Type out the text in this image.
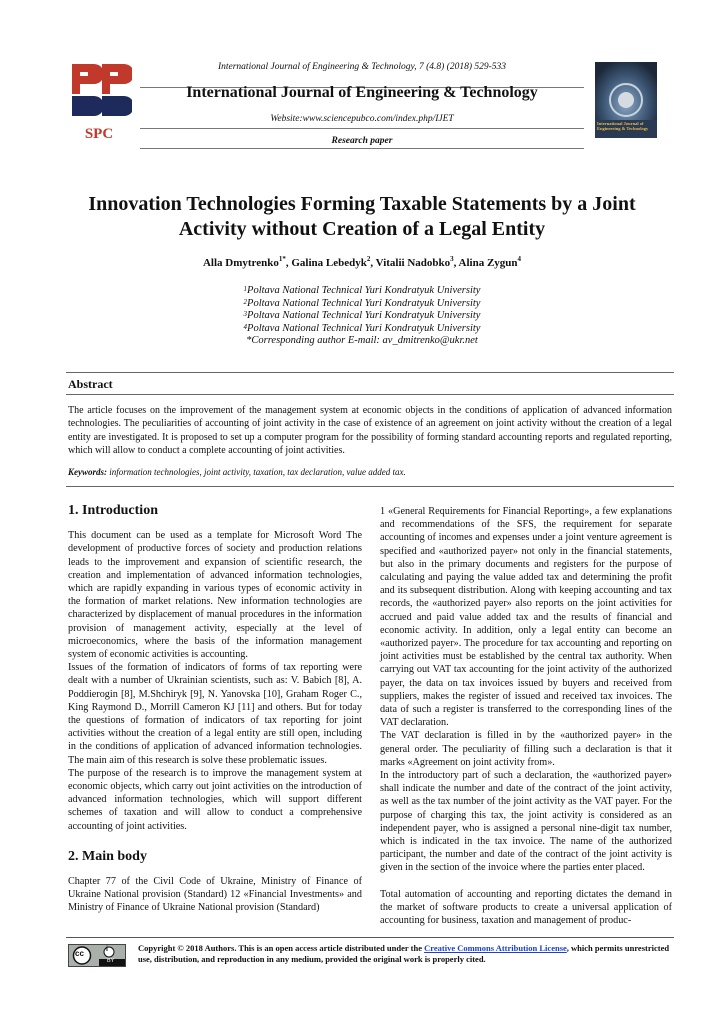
SPC
International Journal of Engineering & Technology, 7 (4.8) (2018) 529-533
International Journal of Engineering & Technology
Website:www.sciencepubco.com/index.php/IJET
Research paper
International Journal of Engineering & Technology
Innovation Technologies Forming Taxable Statements by a Joint
Activity without Creation of a Legal Entity
Alla Dmytrenko$^{1*}$, Galina Lebedyk$^2$, Vitalii Nadobko$^3$, Alina Zygun$^4$
$^1$Poltava National Technical Yuri Kondratyuk University
$^2$Poltava National Technical Yuri Kondratyuk University
$^3$Poltava National Technical Yuri Kondratyuk University
$^4$Poltava National Technical Yuri Kondratyuk University
*Corresponding author E-mail: av_dmitrenko@ukr.net
Abstract
The article focuses on the improvement of the management system at economic objects in the conditions of application of advanced information technologies. The peculiarities of accounting of joint activity in the case of existence of an agreement on joint activity without the creation of a legal entity are investigated. It is proposed to set up a computer program for the possibility of forming standard accounting reports and regulated reporting, which will allow to conduct a complete accounting of joint activities.
Keywords: information technologies, joint activity, taxation, tax declaration, value added tax.
1. Introduction

This document can be used as a template for Microsoft Word The development of productive forces of society and production relations leads to the improvement and expansion of scientific research, the creation and implementation of advanced information technologies, which are rapidly expanding in various types of economic activity in the formation of market relations. New information technologies are characterized by displacement of manual procedures in the information provision of management activity, especially at the level of microeconomics, where the basis of the information management system of economic activities is accounting.

Issues of the formation of indicators of forms of tax reporting were dealt with a number of Ukrainian scientists, such as: V. Babich [8], A. Poddierogin [8], M.Shchiryk [9], N. Yanovska [10], Graham Roger C., King Raymond D., Morrill Cameron KJ [11] and others. But for today the questions of formation of indicators of tax reporting for joint activities without the creation of a legal entity are still open, including in the conditions of application of advanced information technologies. The main aim of this research is solve these problematic issues.

The purpose of the research is to improve the management system at economic objects, which carry out joint activities on the introduction of advanced information technologies, which will support different schemes of taxation and will allow to conduct a comprehensive accounting of joint activities.

2. Main body

Chapter 77 of the Civil Code of Ukraine, Ministry of Finance of Ukraine National provision (Standard) 12 «Financial Investments» and Ministry of Finance of Ukraine National provision (Standard)

1 «General Requirements for Financial Reporting», a few explanations and recommendations of the SFS, the requirement for separate accounting of incomes and expenses under a joint venture agreement is specified and «authorized payer» not only in the financial statements, but also in the primary documents and registers for the purpose of calculating and paying the value added tax and determining the profit and its subsequent distribution. Along with keeping accounting and tax records, the «authorized payer» also reports on the joint activities for accrued and paid value added tax and the results of financial and economic activity. In addition, only a legal entity can become an «authorized payer». The procedure for tax accounting and reporting on joint activities must be established by the central tax authority. When carrying out VAT tax accounting for the joint activity of the authorized payer, the data on tax invoices issued by buyers and received from suppliers, makes the register of issued and received tax invoices. The data of such a register is transferred to the corresponding lines of the VAT declaration.

The VAT declaration is filled in by the «authorized payer» in the general order. The peculiarity of filling such a declaration is that it marks «Agreement on joint activity from».

In the introductory part of such a declaration, the «authorized payer» shall indicate the number and date of the contract of the joint activity, as well as the tax number of the joint activity as the VAT payer. For the purpose of charging this tax, the joint activity is considered as an independent payer, who is assigned a personal nine-digit tax number, which is indicated in the tax invoice. The name of the authorized participant, the number and date of the contract of the joint activity is given in the section of the invoice where the parties enter placed.

Total automation of accounting and reporting dictates the demand in the market of software products to create a universal application of accounting for business, taxation and management of produc-

cc	i
BY
Copyright © 2018 Authors. This is an open access article distributed under the Creative Commons Attribution License, which permits unrestricted use, distribution, and reproduction in any medium, provided the original work is properly cited.
